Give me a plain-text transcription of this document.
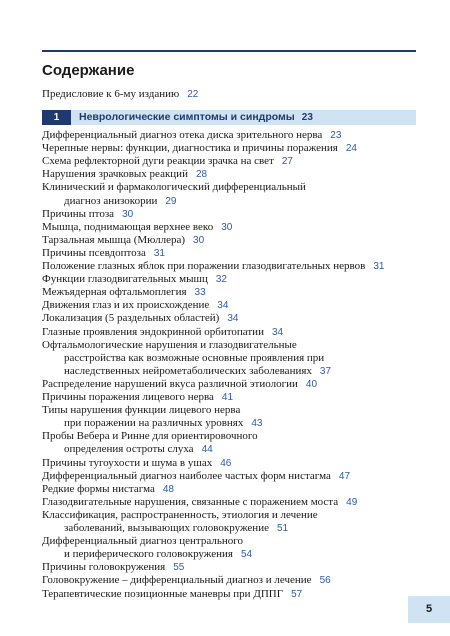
Содержание
Предисловие к 6-му изданию 22
1	Неврологические симптомы и синдромы 23
Дифференциальный диагноз отека диска зрительного нерва 23
Черепные нервы: функции, диагностика и причины поражения 24
Схема рефлекторной дуги реакции зрачка на свет 27
Нарушения зрачковых реакций 28
Клинический и фармакологический дифференциальный
диагноз анизокории 29
Причины птоза 30
Мышца, поднимающая верхнее веко 30
Тарзальная мышца (Мюллера) 30
Причины псевдоптоза 31
Положение глазных яблок при поражении глазодвигательных нервов 31
Функции глазодвигательных мышц 32
Межъядерная офтальмоплегия 33
Движения глаз и их происхождение 34
Локализация (5 раздельных областей) 34
Глазные проявления эндокринной орбитопатии 34
Офтальмологические нарушения и глазодвигательные
расстройства как возможные основные проявления при
наследственных нейрометаболических заболеваниях 37
Распределение нарушений вкуса различной этиологии 40
Причины поражения лицевого нерва 41
Типы нарушения функции лицевого нерва
при поражении на различных уровнях 43
Пробы Вебера и Ринне для ориентировочного
определения остроты слуха 44
Причины тугоухости и шума в ушах 46
Дифференциальный диагноз наиболее частых форм нистагма 47
Редкие формы нистагма 48
Глазодвигательные нарушения, связанные с поражением моста 49
Классификация, распространенность, этиология и лечение
заболеваний, вызывающих головокружение 51
Дифференциальный диагноз центрального
и периферического головокружения 54
Причины головокружения 55
Головокружение – дифференциальный диагноз и лечение 56
Терапевтические позиционные маневры при ДППГ 57
5
